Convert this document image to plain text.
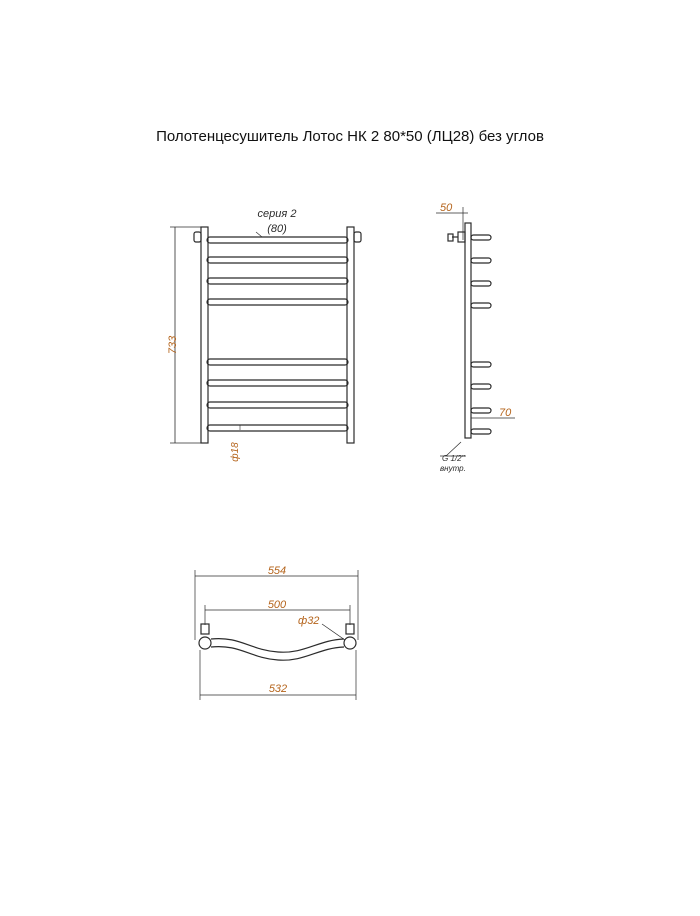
Полотенцесушитель Лотос НК 2 80*50 (ЛЦ28) без углов
серия 2
(80)
G 1/2"
внутр.
733
ф18
50
70
554
500
ф32
532
